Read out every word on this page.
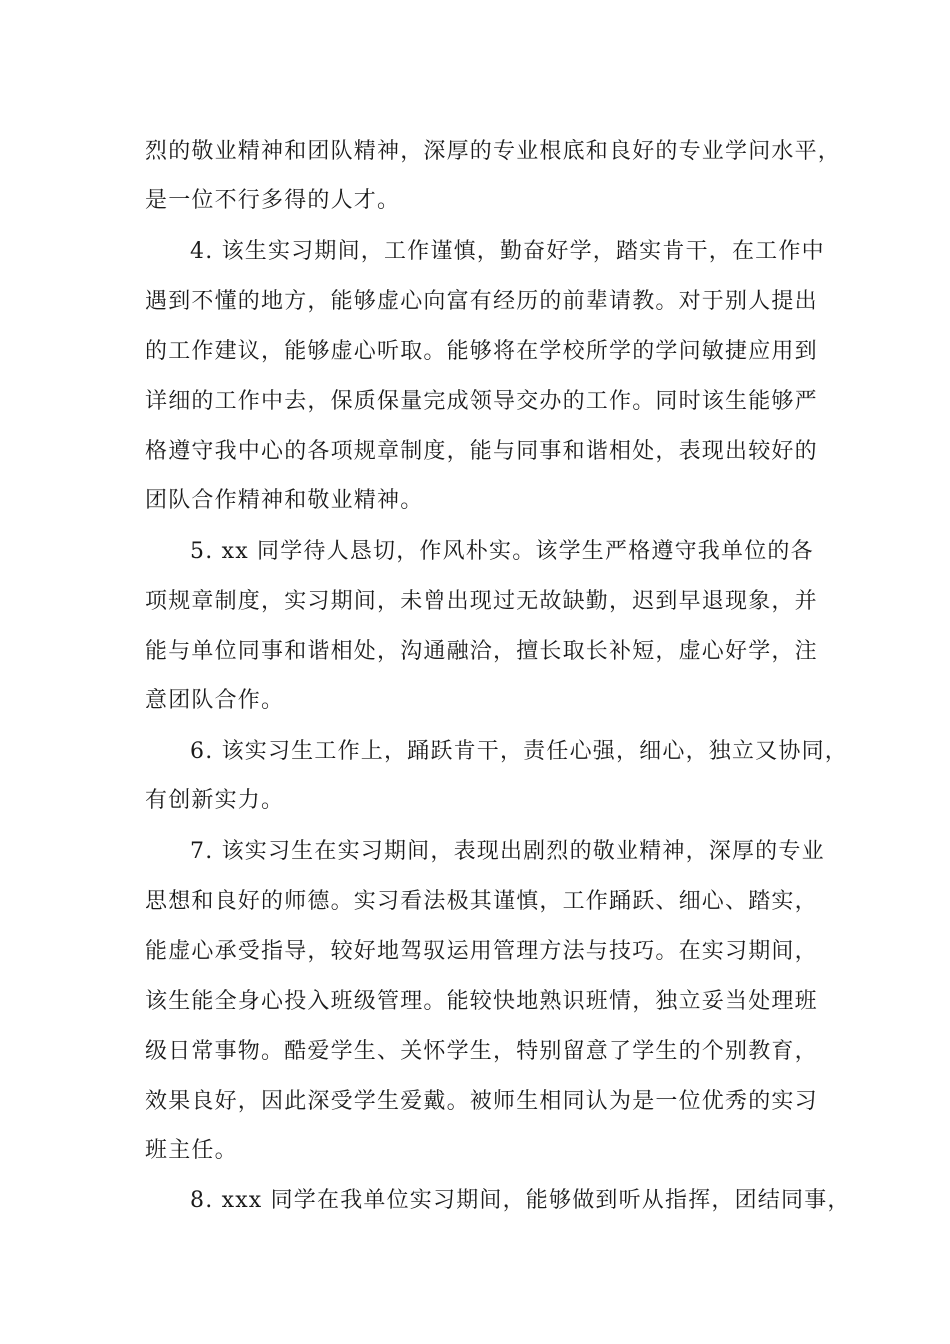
烈的敬业精神和团队精神，深厚的专业根底和良好的专业学问水平，
是一位不行多得的人才。
4. 该生实习期间，工作谨慎，勤奋好学，踏实肯干，在工作中
遇到不懂的地方，能够虚心向富有经历的前辈请教。对于别人提出
的工作建议，能够虚心听取。能够将在学校所学的学问敏捷应用到
详细的工作中去，保质保量完成领导交办的工作。同时该生能够严
格遵守我中心的各项规章制度，能与同事和谐相处，表现出较好的
团队合作精神和敬业精神。
5. xx 同学待人恳切，作风朴实。该学生严格遵守我单位的各
项规章制度，实习期间，未曾出现过无故缺勤，迟到早退现象，并
能与单位同事和谐相处，沟通融洽，擅长取长补短，虚心好学，注
意团队合作。
6. 该实习生工作上，踊跃肯干，责任心强，细心，独立又协同，
有创新实力。
7. 该实习生在实习期间，表现出剧烈的敬业精神，深厚的专业
思想和良好的师德。实习看法极其谨慎，工作踊跃、细心、踏实，
能虚心承受指导，较好地驾驭运用管理方法与技巧。在实习期间，
该生能全身心投入班级管理。能较快地熟识班情，独立妥当处理班
级日常事物。酷爱学生、关怀学生，特别留意了学生的个别教育，
效果良好，因此深受学生爱戴。被师生相同认为是一位优秀的实习
班主任。
8. xxx 同学在我单位实习期间，能够做到听从指挥，团结同事，
